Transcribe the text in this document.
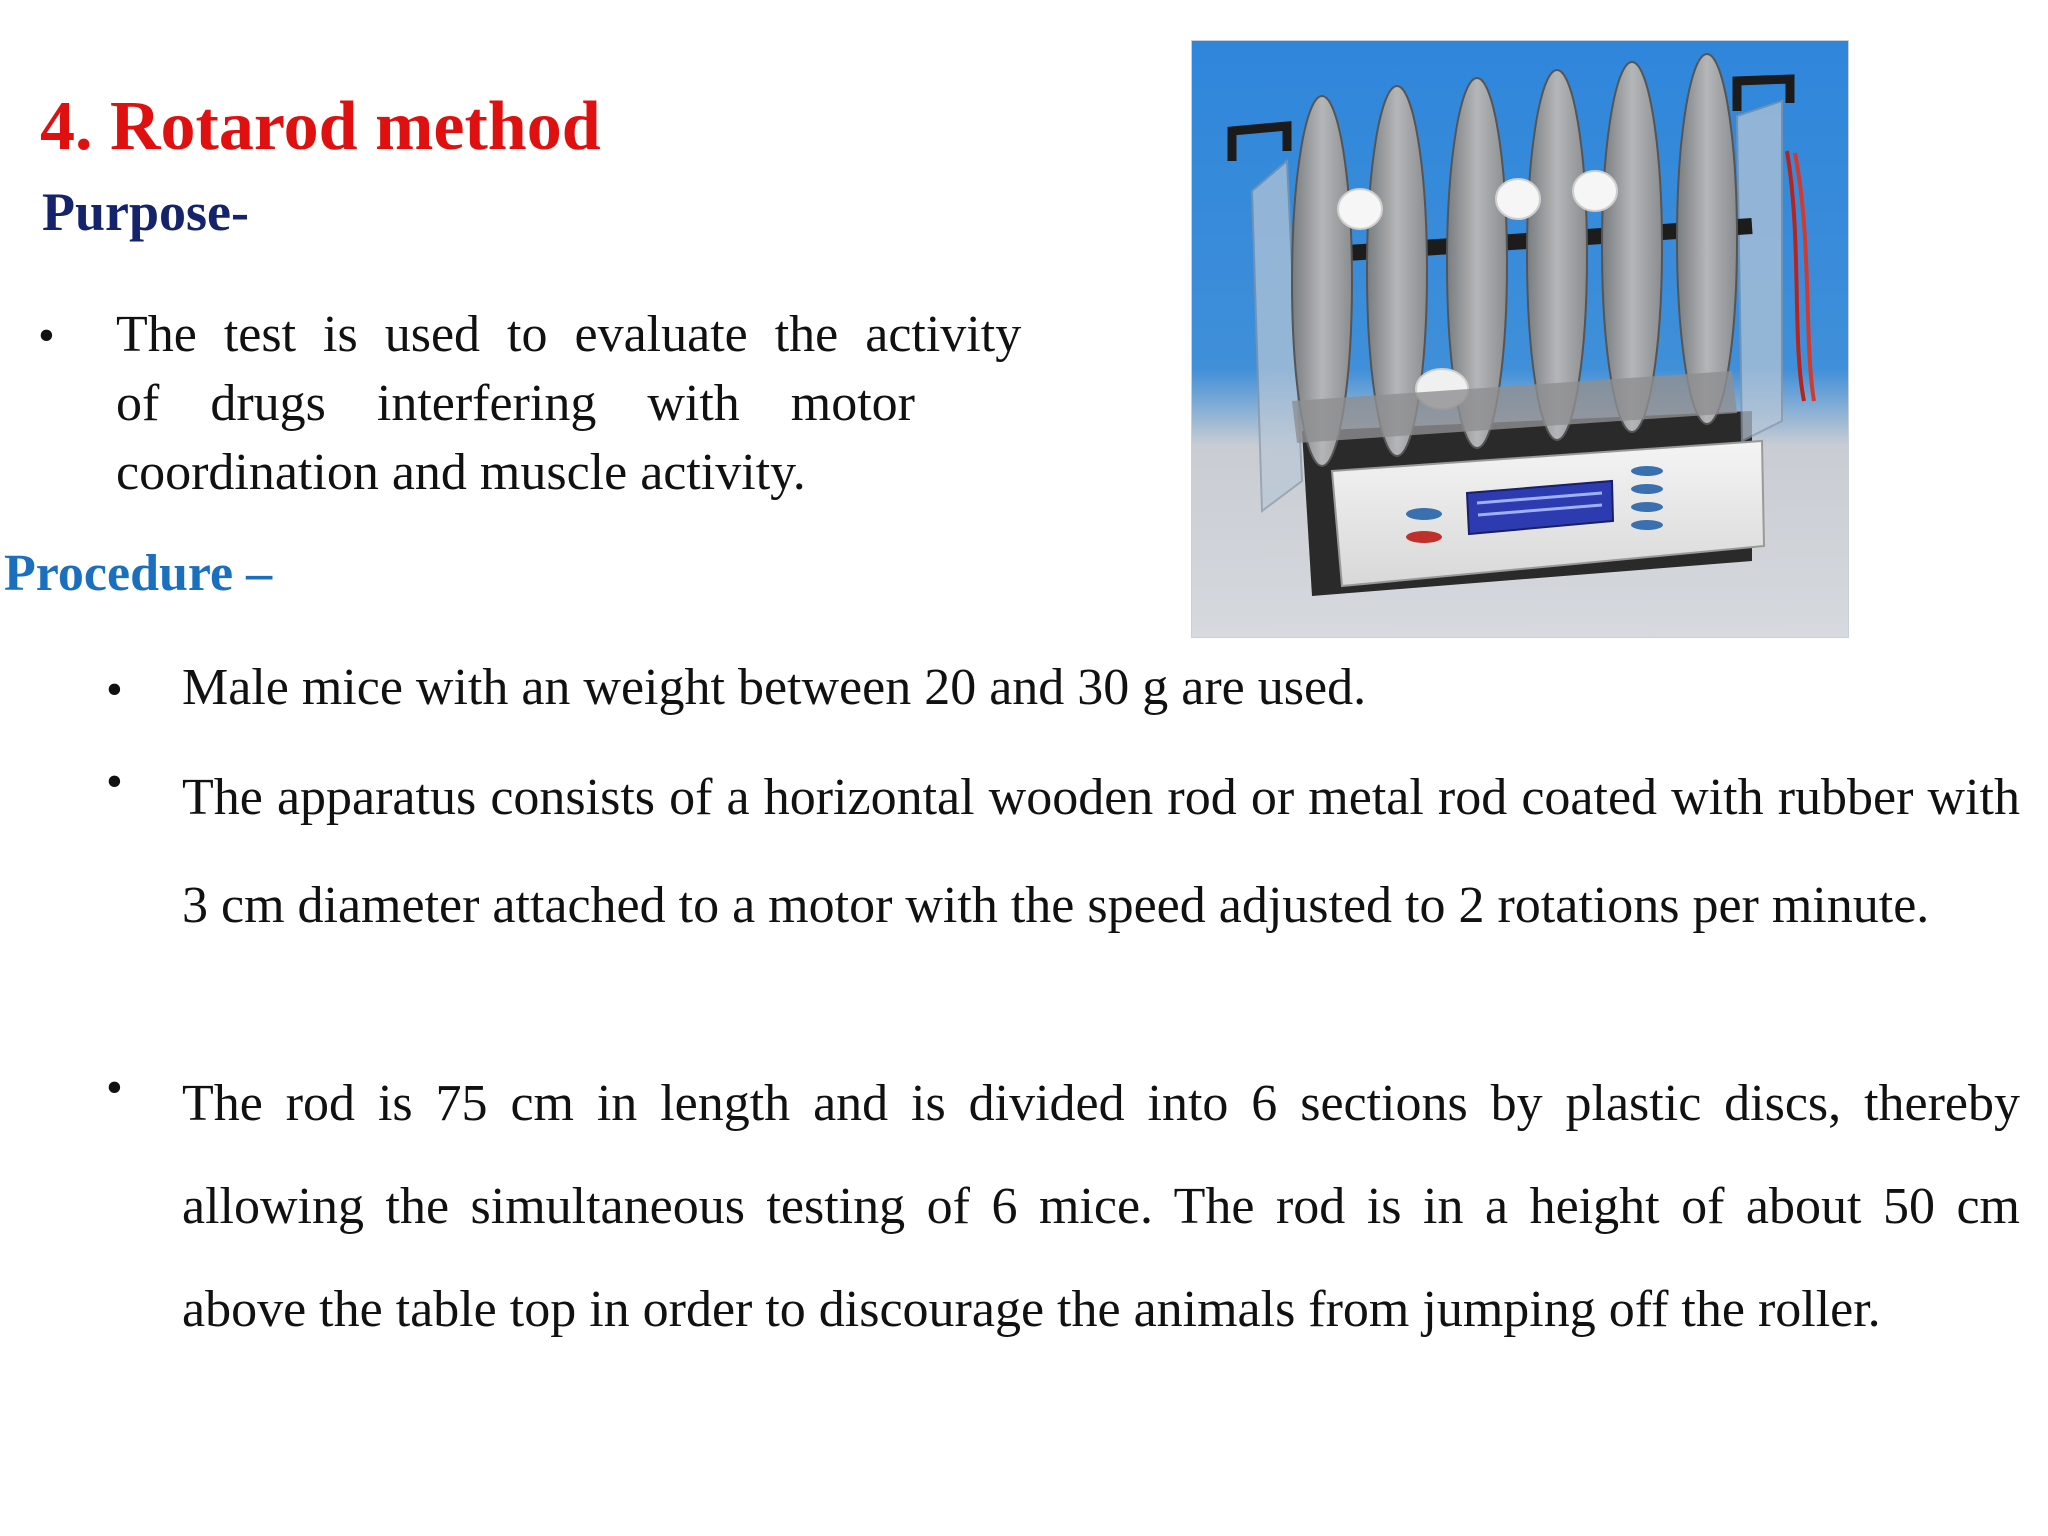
4. Rotarod method
Purpose-
• The test is used to evaluate the activity
of drugs interfering with motor
coordination and muscle activity.
Procedure –
• Male mice with an weight between 20 and 30 g are used.

• The apparatus consists of a horizontal wooden rod or metal rod coated with rubber with 3 cm diameter attached to a motor with the speed adjusted to 2 rotations per minute.

• The rod is 75 cm in length and is divided into 6 sections by plastic discs, thereby allowing the simultaneous testing of 6 mice. The rod is in a height of about 50 cm above the table top in order to discourage the animals from jumping off the roller.
